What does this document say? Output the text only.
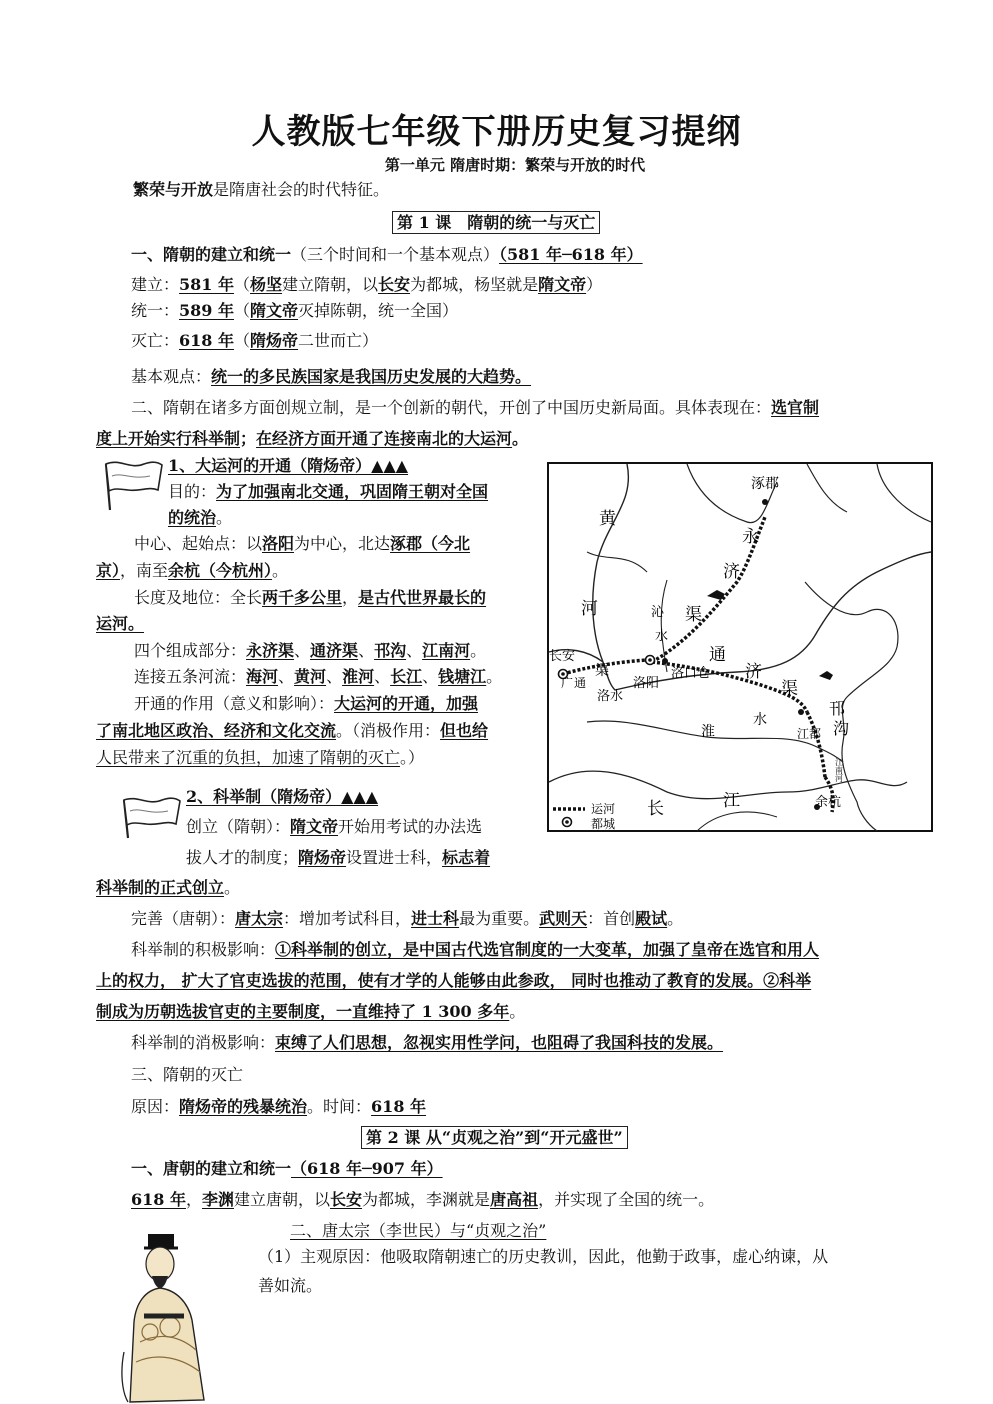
人教版七年级下册历史复习提纲
第一单元 隋唐时期：繁荣与开放的时代
繁荣与开放是隋唐社会的时代特征。
第 1 课　隋朝的统一与灭亡
一、隋朝的建立和统一（三个时间和一个基本观点）（581 年─618 年）
建立：581 年（杨坚建立隋朝，以长安为都城，杨坚就是隋文帝）
统一：589 年（隋文帝灭掉陈朝，统一全国）
灭亡：618 年（隋炀帝二世而亡）
基本观点：统一的多民族国家是我国历史发展的大趋势。
二、隋朝在诸多方面创规立制，是一个创新的朝代，开创了中国历史新局面。具体表现在：选官制
度上开始实行科举制；在经济方面开通了连接南北的大运河。
1、大运河的开通（隋炀帝）▲▲▲
目的：为了加强南北交通，巩固隋王朝对全国
的统治。
中心、起始点：以洛阳为中心，北达涿郡（今北
京），南至余杭（今杭州）。
长度及地位：全长两千多公里，是古代世界最长的
运河。
四个组成部分：永济渠、通济渠、邗沟、江南河。
连接五条河流：海河、黄河、淮河、长江、钱塘江。
开通的作用（意义和影响）：大运河的开通，加强
了南北地区政治、经济和文化交流。（消极作用：但也给
人民带来了沉重的负担，加速了隋朝的灭亡。）
涿郡
黄
河
永
济
渠
沁
水
长安
广 通
渠
洛水
洛阳
洛口仓
通
济
渠
淮
水
江都
邗
沟
江南河
余杭
长	江
运河
都城
2、科举制（隋炀帝）▲▲▲
创立（隋朝）：隋文帝开始用考试的办法选
拔人才的制度；隋炀帝设置进士科，标志着
科举制的正式创立。
完善（唐朝）：唐太宗：增加考试科目，进士科最为重要。武则天：首创殿试。
科举制的积极影响：①科举制的创立，是中国古代选官制度的一大变革，加强了皇帝在选官和用人
上的权力， 扩大了官吏选拔的范围，使有才学的人能够由此参政， 同时也推动了教育的发展。②科举
制成为历朝选拔官吏的主要制度，一直维持了 1 300 多年。
科举制的消极影响：束缚了人们思想，忽视实用性学问，也阻碍了我国科技的发展。
三、隋朝的灭亡
原因：隋炀帝的残暴统治。时间：618 年
第 2 课 从“贞观之治”到“开元盛世”
一、唐朝的建立和统一（618 年─907 年）
618 年，李渊建立唐朝，以长安为都城，李渊就是唐高祖，并实现了全国的统一。
二、唐太宗（李世民）与“贞观之治”
（1）主观原因：他吸取隋朝速亡的历史教训，因此，他勤于政事，虚心纳谏，从
善如流。
